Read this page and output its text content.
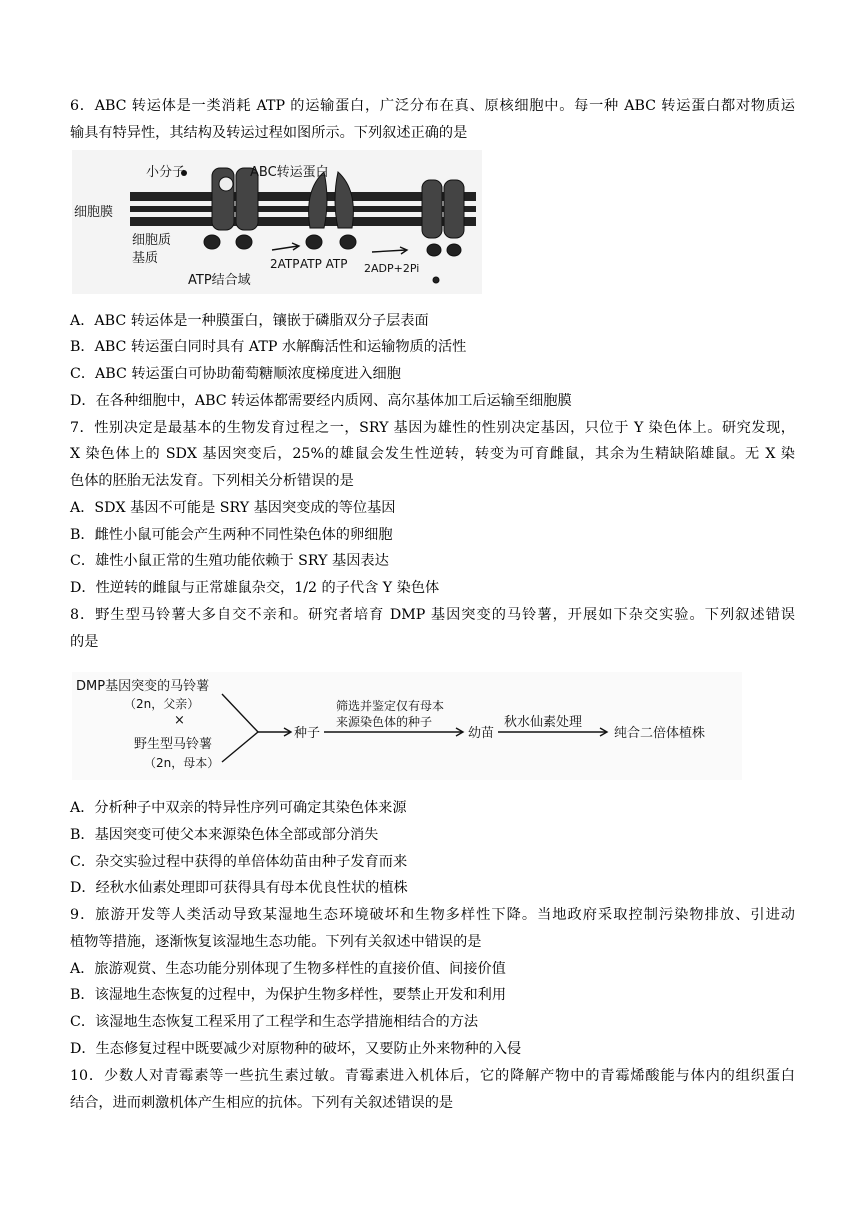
6．ABC 转运体是一类消耗 ATP 的运输蛋白，广泛分布在真、原核细胞中。每一种 ABC 转运蛋白都对物质运
输具有特异性，其结构及转运过程如图所示。下列叙述正确的是
小分子	ABC转运蛋白
细胞膜
细胞质
基质
ATP结合域
2ATP ATP ATP 2ADP+2Pi
A．ABC 转运体是一种膜蛋白，镶嵌于磷脂双分子层表面
B．ABC 转运蛋白同时具有 ATP 水解酶活性和运输物质的活性
C．ABC 转运蛋白可协助葡萄糖顺浓度梯度进入细胞
D．在各种细胞中，ABC 转运体都需要经内质网、高尔基体加工后运输至细胞膜
7．性别决定是最基本的生物发育过程之一，SRY 基因为雄性的性别决定基因，只位于 Y 染色体上。研究发现，
X 染色体上的 SDX 基因突变后，25%的雄鼠会发生性逆转，转变为可育雌鼠，其余为生精缺陷雄鼠。无 X 染
色体的胚胎无法发育。下列相关分析错误的是
A．SDX 基因不可能是 SRY 基因突变成的等位基因
B．雌性小鼠可能会产生两种不同性染色体的卵细胞
C．雄性小鼠正常的生殖功能依赖于 SRY 基因表达
D．性逆转的雌鼠与正常雄鼠杂交，1/2 的子代含 Y 染色体
8．野生型马铃薯大多自交不亲和。研究者培育 DMP 基因突变的马铃薯，开展如下杂交实验。下列叙述错误
的是
DMP基因突变的马铃薯
（2n，父亲）
×
野生型马铃薯
（2n，母本）
种子
筛选并鉴定仅有母本
来源染色体的种子
幼苗
秋水仙素处理
纯合二倍体植株
A．分析种子中双亲的特异性序列可确定其染色体来源
B．基因突变可使父本来源染色体全部或部分消失
C．杂交实验过程中获得的单倍体幼苗由种子发育而来
D．经秋水仙素处理即可获得具有母本优良性状的植株
9．旅游开发等人类活动导致某湿地生态环境破坏和生物多样性下降。当地政府采取控制污染物排放、引进动
植物等措施，逐渐恢复该湿地生态功能。下列有关叙述中错误的是
A．旅游观赏、生态功能分别体现了生物多样性的直接价值、间接价值
B．该湿地生态恢复的过程中，为保护生物多样性，要禁止开发和利用
C．该湿地生态恢复工程采用了工程学和生态学措施相结合的方法
D．生态修复过程中既要减少对原物种的破坏，又要防止外来物种的入侵
10．少数人对青霉素等一些抗生素过敏。青霉素进入机体后，它的降解产物中的青霉烯酸能与体内的组织蛋白
结合，进而刺激机体产生相应的抗体。下列有关叙述错误的是
